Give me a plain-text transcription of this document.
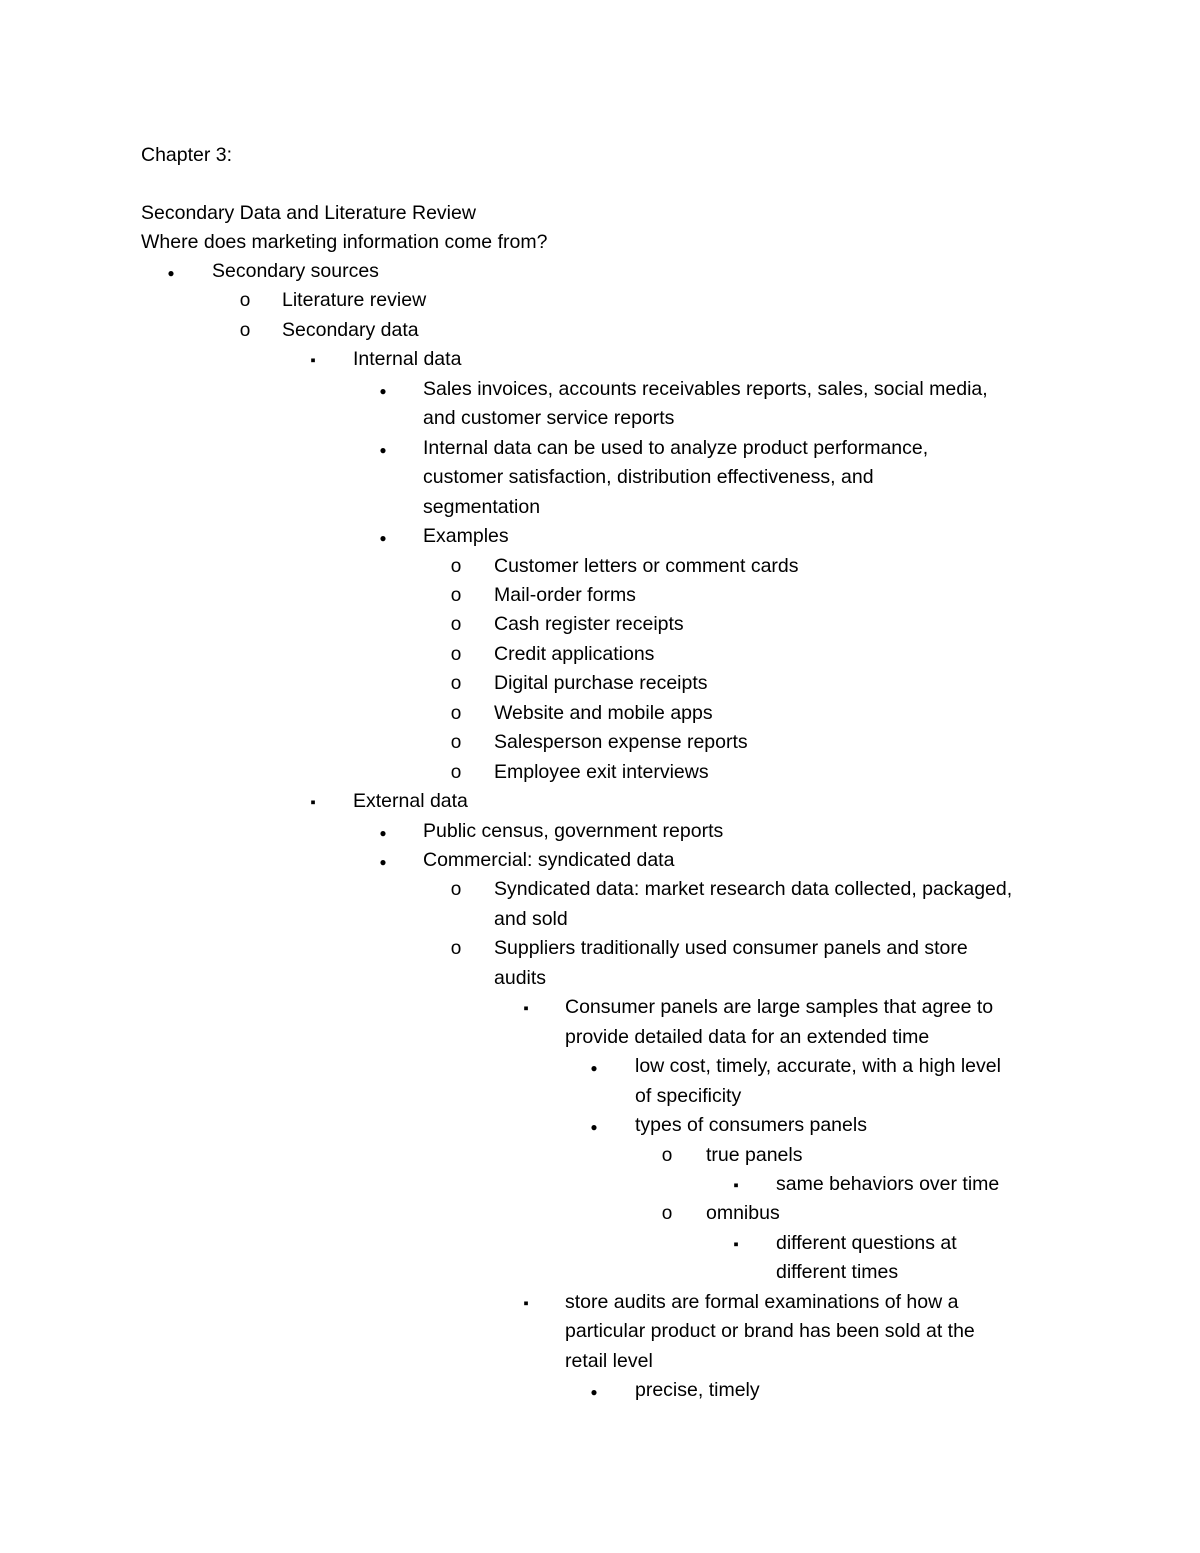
Chapter 3:
Secondary Data and Literature Review
Where does marketing information come from?
●
Secondary sources
o
Literature review
o
Secondary data
▪
Internal data
●
Sales invoices, accounts receivables reports, sales, social media,
and customer service reports
●
Internal data can be used to analyze product performance,
customer satisfaction, distribution effectiveness, and
segmentation
●
Examples
o
Customer letters or comment cards
o
Mail-order forms
o
Cash register receipts
o
Credit applications
o
Digital purchase receipts
o
Website and mobile apps
o
Salesperson expense reports
o
Employee exit interviews
▪
External data
●
Public census, government reports
●
Commercial: syndicated data
o
Syndicated data: market research data collected, packaged,
and sold
o
Suppliers traditionally used consumer panels and store
audits
▪
Consumer panels are large samples that agree to
provide detailed data for an extended time
●
low cost, timely, accurate, with a high level
of specificity
●
types of consumers panels
o
true panels
▪
same behaviors over time
o
omnibus
▪
different questions at
different times
▪
store audits are formal examinations of how a
particular product or brand has been sold at the
retail level
●
precise, timely
